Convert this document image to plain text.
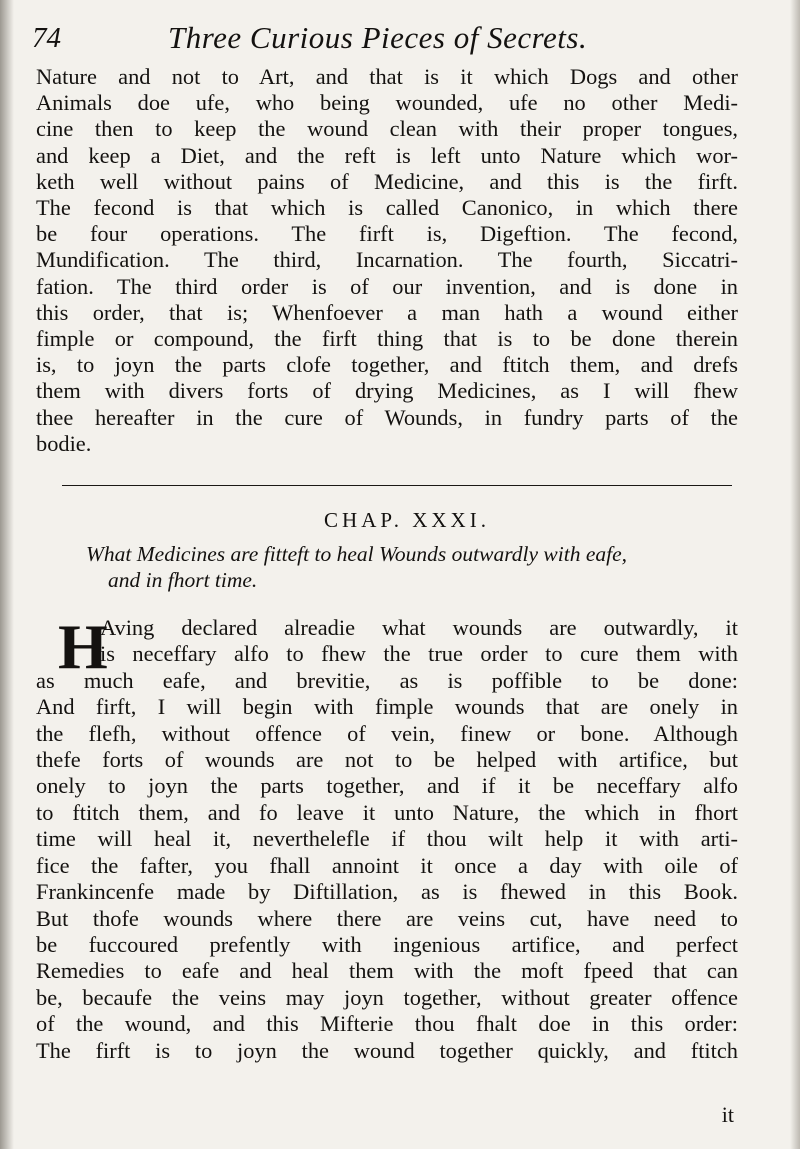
74	Three Curious Pieces of Secrets.
Nature and not to Art, and that is it which Dogs and other
Animals doe ufe, who being wounded, ufe no other Medi-
cine then to keep the wound clean with their proper tongues,
and keep a Diet, and the reft is left unto Nature which wor-
keth well without pains of Medicine, and this is the firft.
The fecond is that which is called Canonico, in which there
be four operations. The firft is, Digeftion. The fecond,
Mundification. The third, Incarnation. The fourth, Siccatri-
fation. The third order is of our invention, and is done in
this order, that is; Whenfoever a man hath a wound either
fimple or compound, the firft thing that is to be done therein
is, to joyn the parts clofe together, and ftitch them, and drefs
them with divers forts of drying Medicines, as I will fhew
thee hereafter in the cure of Wounds, in fundry parts of the
bodie.
CHAP. XXXI.
What Medicines are fitteft to heal Wounds outwardly with eafe,
and in fhort time.
H
Aving declared alreadie what wounds are outwardly, it
is neceffary alfo to fhew the true order to cure them with
as much eafe, and brevitie, as is poffible to be done:
And firft, I will begin with fimple wounds that are onely in
the flefh, without offence of vein, finew or bone. Although
thefe forts of wounds are not to be helped with artifice, but
onely to joyn the parts together, and if it be neceffary alfo
to ftitch them, and fo leave it unto Nature, the which in fhort
time will heal it, neverthelefle if thou wilt help it with arti-
fice the fafter, you fhall annoint it once a day with oile of
Frankincenfe made by Diftillation, as is fhewed in this Book.
But thofe wounds where there are veins cut, have need to
be fuccoured prefently with ingenious artifice, and perfect
Remedies to eafe and heal them with the moft fpeed that can
be, becaufe the veins may joyn together, without greater offence
of the wound, and this Mifterie thou fhalt doe in this order:
The firft is to joyn the wound together quickly, and ftitch
it
